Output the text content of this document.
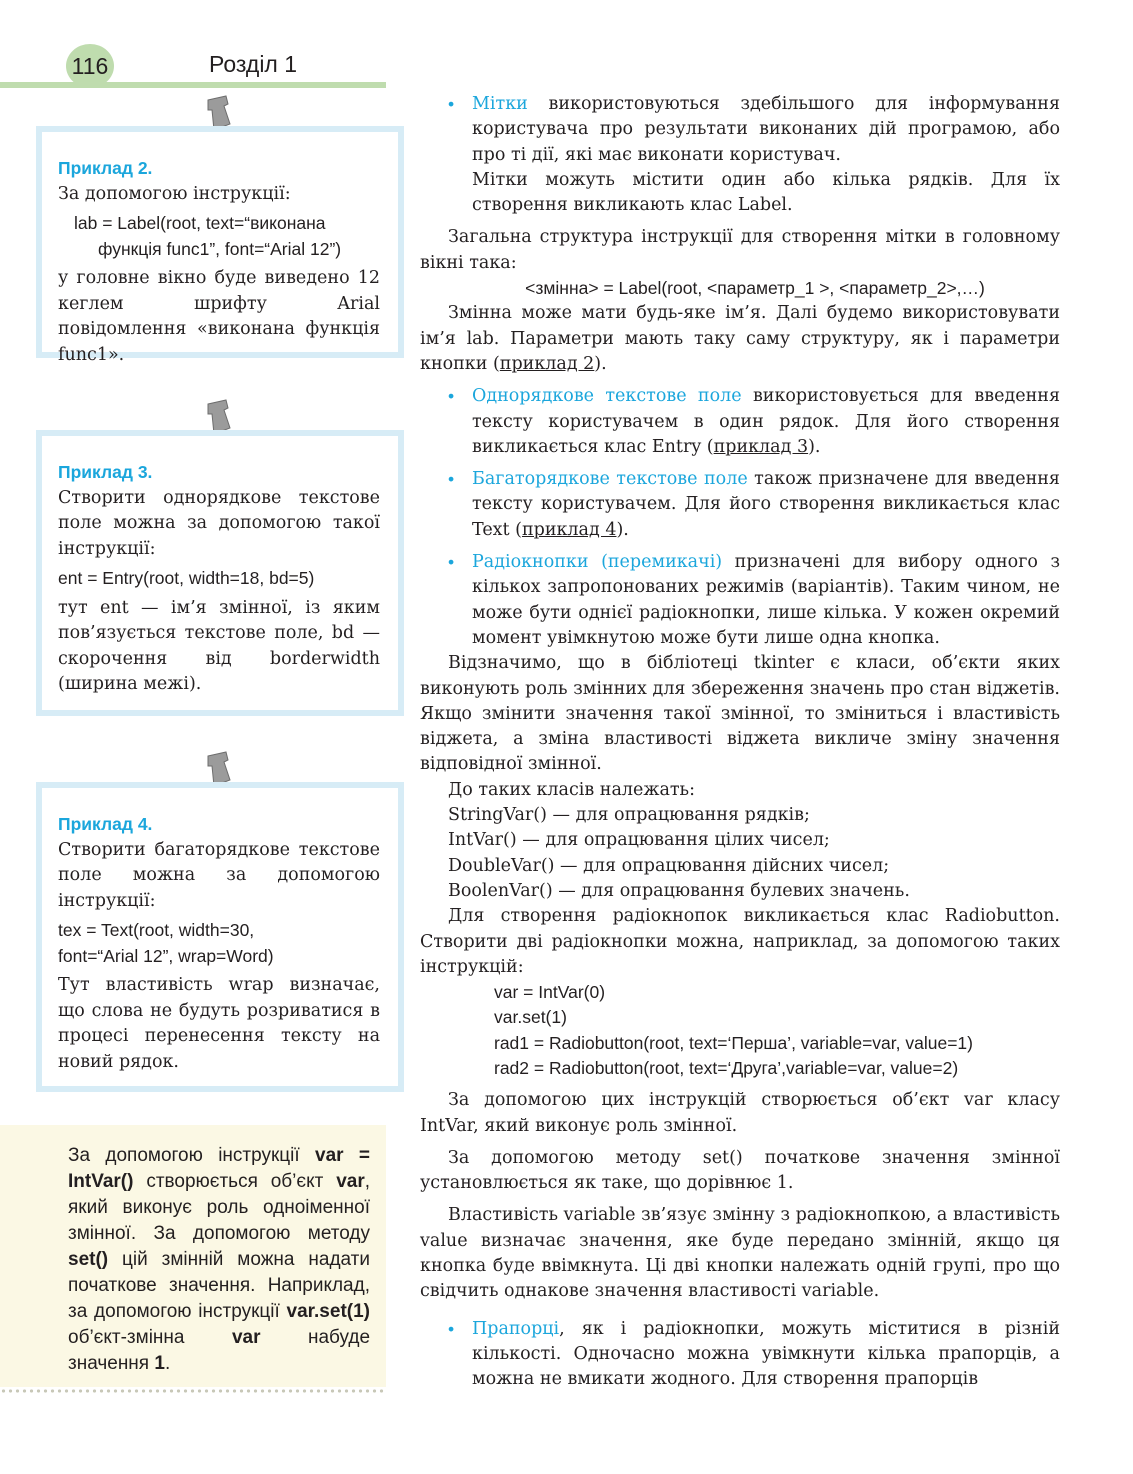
116	Розділ 1

Приклад 2.

За допомогою інструкції:

lab = Label(root, text=“виконана

функція func1”, font=“Arial 12”)

у головне вікно буде виведено 12 кеглем шрифту Arial повідомлення «виконана функція func1».

Приклад 3.

Створити однорядкове текстове поле можна за допомогою такої інструкції:

ent = Entry(root, width=18, bd=5)

тут ent — ім’я змінної, із яким пов’язується текстове поле, bd — скорочення від borderwidth (ширина межі).

Приклад 4.

Створити багаторядкове текстове поле можна за допомогою інструкції:

tex = Text(root, width=30,

font=“Arial 12”, wrap=Word)

Тут властивість wrap визначає, що слова не будуть розриватися в процесі перенесення тексту на новий рядок.

За допомогою інструкції var = IntVar() створюється об’єкт var, який виконує роль одноіменної змінної. За допомогою методу set() цій змінній можна надати початкове значення. Наприклад, за допомогою інструкції var.set(1) об’єкт-змінна var набуде значення 1.
• Мітки використовуються здебільшого для інформування користувача про результати виконаних дій програмою, або про ті дії, які має виконати користувач.

Мітки можуть містити один або кілька рядків. Для їх створення викликають клас Label.

Загальна структура інструкції для створення мітки в головному вікні така:

<змінна> = Label(root, <параметр_1 >, <параметр_2>,…)

Змінна може мати будь-яке ім’я. Далі будемо використовувати ім’я lab. Параметри мають таку саму структуру, як і параметри кнопки (приклад 2).

• Однорядкове текстове поле використовується для введення тексту користувачем в один рядок. Для його створення викликається клас Entry (приклад 3).

• Багаторядкове текстове поле також призначене для введення тексту користувачем. Для його створення викликається клас Text (приклад 4).

• Радіокнопки (перемикачі) призначені для вибору одного з кількох запропонованих режимів (варіантів). Таким чином, не може бути однієї радіокнопки, лише кілька. У кожен окремий момент увімкнутою може бути лише одна кнопка.

Відзначимо, що в бібліотеці tkinter є класи, об’єкти яких виконують роль змінних для збереження значень про стан віджетів. Якщо змінити значення такої змінної, то зміниться і властивість віджета, а зміна властивості віджета викличе зміну значення відповідної змінної.

До таких класів належать:

StringVar() — для опрацювання рядків;

IntVar() — для опрацювання цілих чисел;

DoubleVar() — для опрацювання дійсних чисел;

BoolenVar() — для опрацювання булевих значень.

Для створення радіокнопок викликається клас Radiobutton. Створити дві радіокнопки можна, наприклад, за допомогою таких інструкцій:

var = IntVar(0)

var.set(1)

rad1 = Radiobutton(root, text=‘Перша’, variable=var, value=1)

rad2 = Radiobutton(root, text=‘Друга’,variable=var, value=2)

За допомогою цих інструкцій створюється об’єкт var класу IntVar, який виконує роль змінної.

За допомогою методу set() початкове значення змінної установлюється як таке, що дорівнює 1.

Властивість variable зв’язує змінну з радіокнопкою, а властивість value визначає значення, яке буде передано змінній, якщо ця кнопка буде ввімкнута. Ці дві кнопки належать одній групі, про що свідчить однакове значення властивості variable.

• Прапорці, як і радіокнопки, можуть міститися в різній кількості. Одночасно можна увімкнути кілька прапорців, а можна не вмикати жодного. Для створення прапорців
